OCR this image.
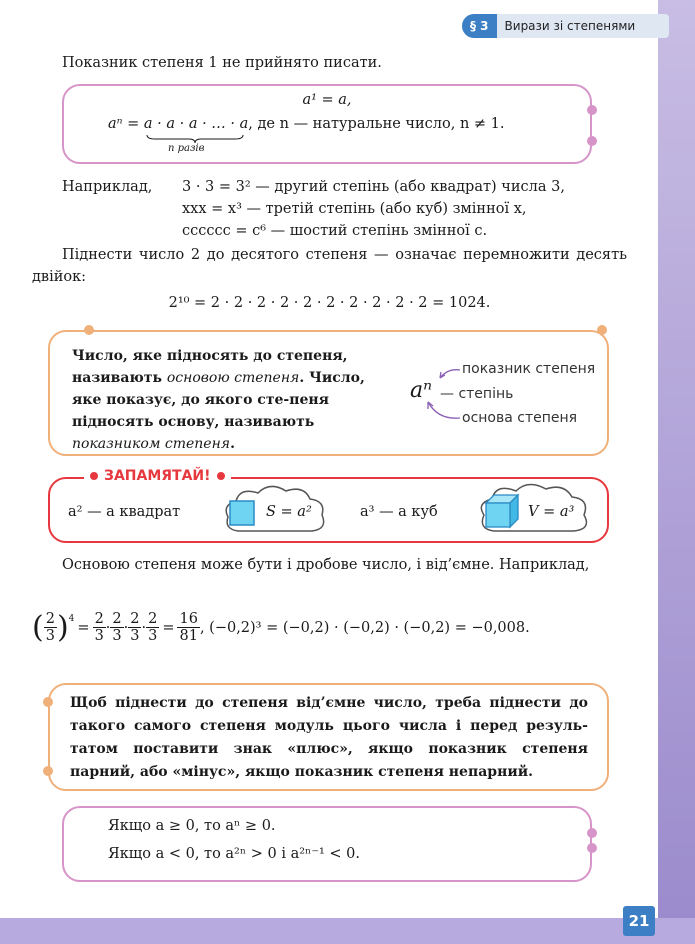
21
§ 3	Вирази зі степенями

Показник степеня 1 не прийнято писати.

a¹ = a,
aⁿ = a · a · a · … · a, де n — натуральне число, n ≠ 1.
n разів

Наприклад,	3 · 3 = 3² — другий степінь (або квадрат) числа 3,

xxx = x³ — третій степінь (або куб) змінної x,

cccccc = c⁶ — шостий степінь змінної c.

Піднести число 2 до десятого степеня — означає перемножити десять двійок:

2¹⁰ = 2 · 2 · 2 · 2 · 2 · 2 · 2 · 2 · 2 · 2 = 1024.

Число, яке підносять до степеня, називають основою степеня. Число, яке показує, до якого сте-пеня підносять основу, називають показником степеня.
aⁿ
показник степеня
— степінь
основа степеня
ЗАПАМЯТАЙ!
a² — a квадрат	S = a²	a³ — a куб	V = a³

Основою степеня може бути і дробове число, і від’ємне. Наприклад,

( $\frac{2}{3} )^4$
= $\frac{2}{3} \cdot \frac{2}{3} \cdot \frac{2}{3} \cdot \frac{2}{3} = \frac{16}{81}$ , (−0,2)³ = (−0,2) · (−0,2) · (−0,2) = −0,008.
Щоб піднести до степеня від’ємне число, треба піднести до такого самого степеня модуль цього числа і перед резуль-татом поставити знак «плюс», якщо показник степеня парний, або «мінус», якщо показник степеня непарний.
Якщо a ≥ 0, то aⁿ ≥ 0.
Якщо a < 0, то a²ⁿ > 0 і a²ⁿ⁻¹ < 0.
